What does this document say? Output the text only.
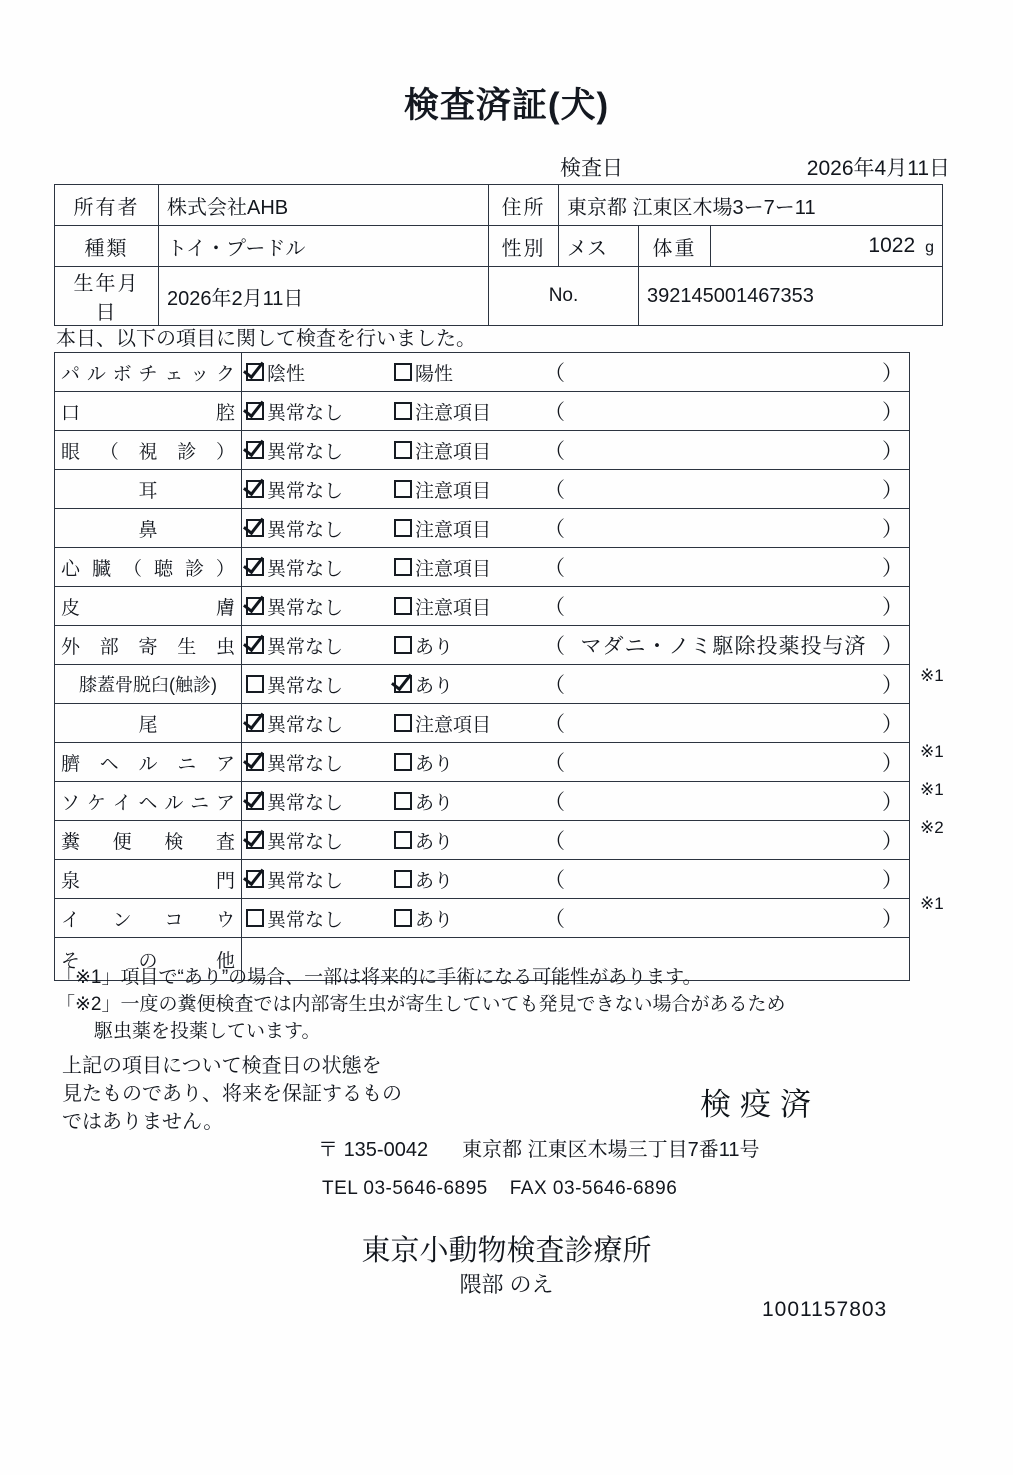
検査済証(犬)
検査日	2026年4月11日
所有者	株式会社AHB	住所	東京都 江東区木場3ー7ー11		
種類	トイ・プードル	性別	メス	体重	1022 g
生年月日	2026年2月11日	No.		392145001467353	
本日、以下の項目に関して検査を行いました。
パ ル ボ チ ェ ッ ク	陰性	陽性	（	）

口 腔	異常なし 注意項目 （ ）

眼 （ 視 診 ）	異常なし 注意項目 （ ）

耳	異常なし 注意項目 （ ）

鼻	異常なし 注意項目 （ ）

心 臓 （ 聴 診 ）	異常なし	注意項目	（	）

皮 膚	異常なし 注意項目 （ ）

外 部 寄 生 虫	異常なし あり （ マダニ・ノミ駆除投薬投与済 ）

膝蓋骨脱臼(触診)	異常なし あり （ ）

尾	異常なし 注意項目 （ ）

臍 ヘ ル ニ ア	異常なし あり （ ）

ソ ケ イ ヘ ル ニ ア	異常なし	あり	（	）

糞 便 検 査	異常なし あり （ ）

泉 門	異常なし あり （ ）

イ ン コ ウ	異常なし あり （ ）

そ の 他	

※1
※1
※1
※2
※1
「※1」項目で“あり”の場合、一部は将来的に手術になる可能性があります。
「※2」一度の糞便検査では内部寄生虫が寄生していても発見できない場合があるため
駆虫薬を投薬しています。
上記の項目について検査日の状態を
見たものであり、将来を保証するもの
ではありません。	検疫済
〒 135-0042 東京都 江東区木場三丁目7番11号
TEL 03-5646-6895 FAX 03-5646-6896
東京小動物検査診療所
隈部 のえ
1001157803
